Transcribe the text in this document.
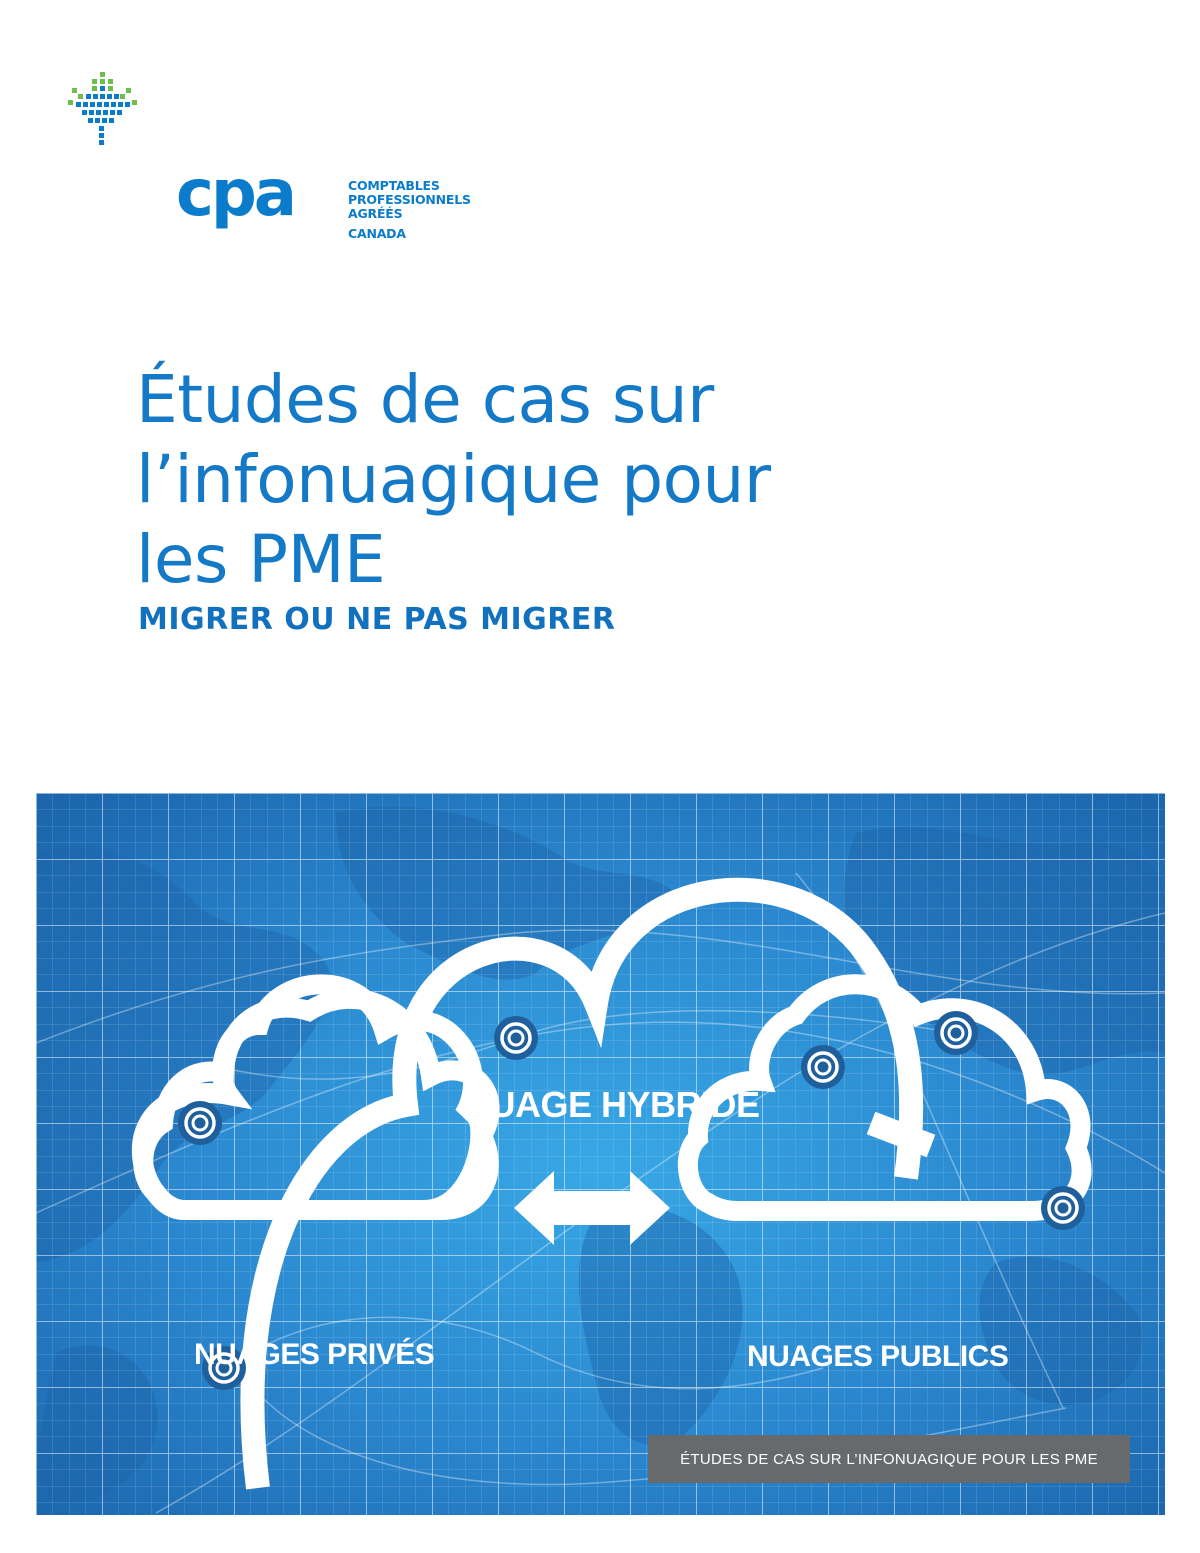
cpa	COMPTABLES
PROFESSIONNELS
AGRÉÉS
CANADA
Études de cas sur
l’infonuagique pour
les PME
MIGRER OU NE PAS MIGRER
NUAGE HYBRIDE
NUAGES PRIVÉS	NUAGES PUBLICS
ÉTUDES DE CAS SUR L’INFONUAGIQUE POUR LES PME
